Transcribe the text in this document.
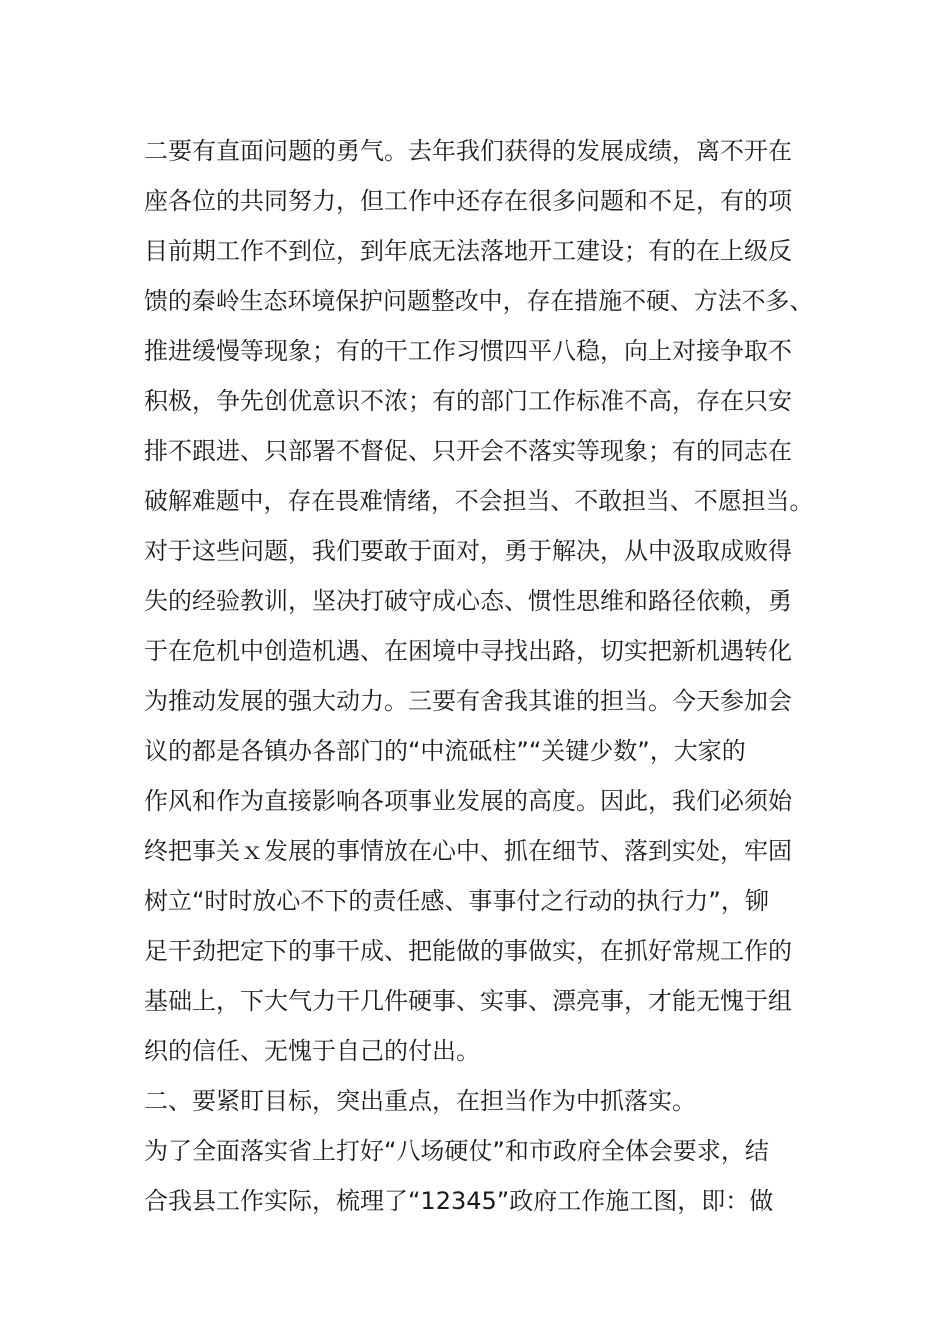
二要有直面问题的勇气。去年我们获得的发展成绩，离不开在
座各位的共同努力，但工作中还存在很多问题和不足，有的项
目前期工作不到位，到年底无法落地开工建设；有的在上级反
馈的秦岭生态环境保护问题整改中，存在措施不硬、方法不多、
推进缓慢等现象；有的干工作习惯四平八稳，向上对接争取不
积极，争先创优意识不浓；有的部门工作标准不高，存在只安
排不跟进、只部署不督促、只开会不落实等现象；有的同志在
破解难题中，存在畏难情绪，不会担当、不敢担当、不愿担当。
对于这些问题，我们要敢于面对，勇于解决，从中汲取成败得
失的经验教训，坚决打破守成心态、惯性思维和路径依赖，勇
于在危机中创造机遇、在困境中寻找出路，切实把新机遇转化
为推动发展的强大动力。三要有舍我其谁的担当。今天参加会
议的都是各镇办各部门的“中流砥柱”“关键少数”，大家的
作风和作为直接影响各项事业发展的高度。因此，我们必须始
终把事关ｘ发展的事情放在心中、抓在细节、落到实处，牢固
树立“时时放心不下的责任感、事事付之行动的执行力”，铆
足干劲把定下的事干成、把能做的事做实，在抓好常规工作的
基础上，下大气力干几件硬事、实事、漂亮事，才能无愧于组
织的信任、无愧于自己的付出。
二、要紧盯目标，突出重点，在担当作为中抓落实。
为了全面落实省上打好“八场硬仗”和市政府全体会要求，结
合我县工作实际，梳理了“12345”政府工作施工图，即：做
